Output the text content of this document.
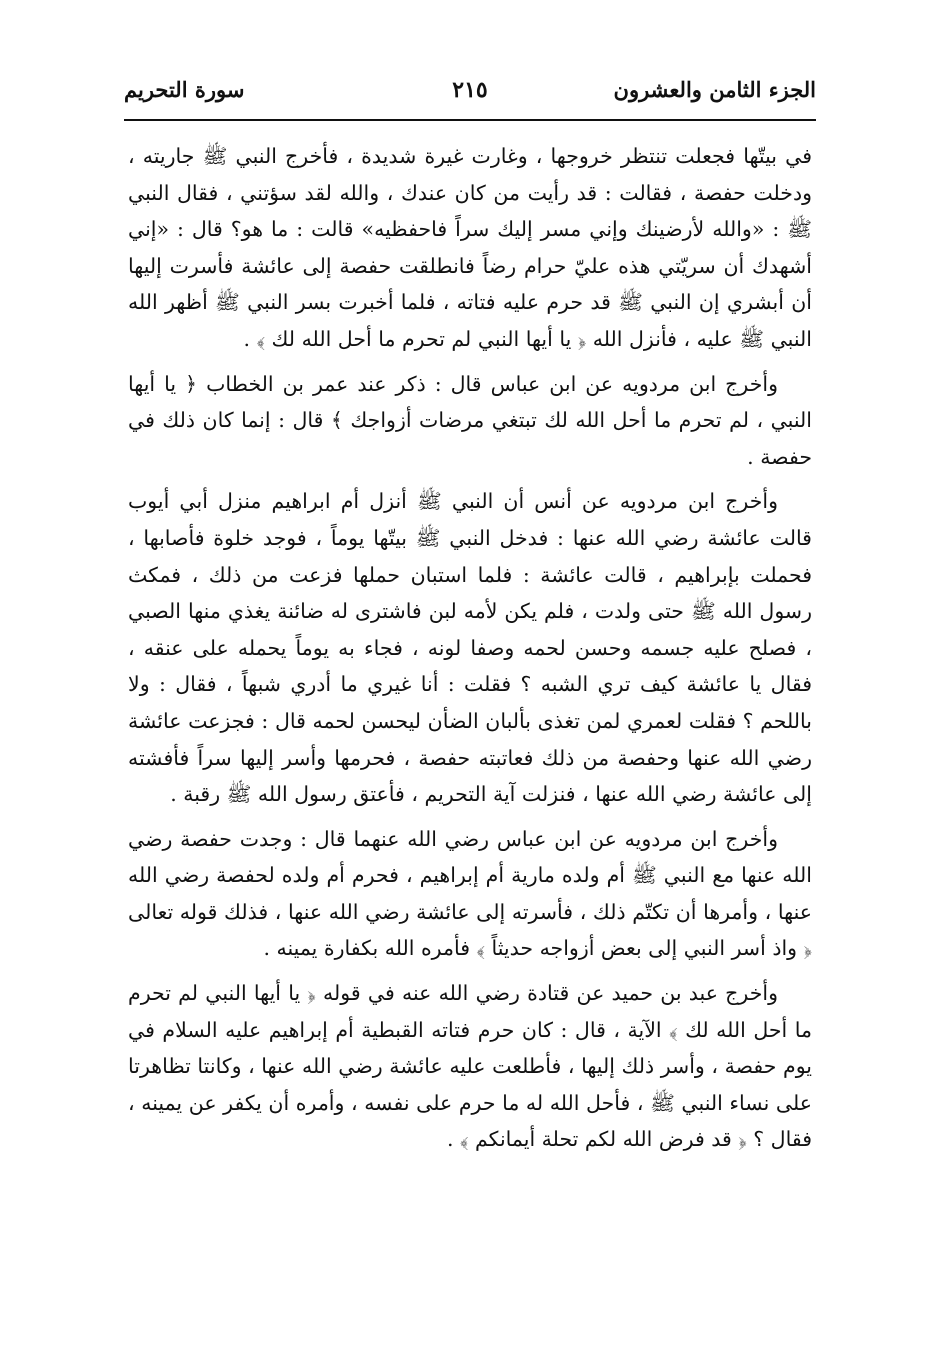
الجزء الثامن والعشرون
٢١٥
سورة التحريم

في بيتّها فجعلت تنتظر خروجها ، وغارت غيرة شديدة ، فأخرج النبي ﷺ جاريته ، ودخلت حفصة ، فقالت : قد رأيت من كان عندك ، والله لقد سؤتني ، فقال النبي ﷺ : «والله لأرضينك وإني مسر إليك سراً فاحفظيه» قالت : ما هو؟ قال : «إني أشهدك أن سريّتي هذه عليّ حرام رضاً فانطلقت حفصة إلى عائشة فأسرت إليها أن أبشري إن النبي ﷺ قد حرم عليه فتاته ، فلما أخبرت بسر النبي ﷺ أظهر الله النبي ﷺ عليه ، فأنزل الله ﴿ يا أيها النبي لم تحرم ما أحل الله لك ﴾ .

وأخرج ابن مردويه عن ابن عباس قال : ذكر عند عمر بن الخطاب ﴿ يا أيها النبي ، لم تحرم ما أحل الله لك تبتغي مرضات أزواجك ﴾ قال : إنما كان ذلك في حفصة .

وأخرج ابن مردويه عن أنس أن النبي ﷺ أنزل أم ابراهيم منزل أبي أيوب قالت عائشة رضي الله عنها : فدخل النبي ﷺ بيتّها يوماً ، فوجد خلوة فأصابها ، فحملت بإبراهيم ، قالت عائشة : فلما استبان حملها فزعت من ذلك ، فمكث رسول الله ﷺ حتى ولدت ، فلم يكن لأمه لبن فاشترى له ضائنة يغذي منها الصبي ، فصلح عليه جسمه وحسن لحمه وصفا لونه ، فجاء به يوماً يحمله على عنقه ، فقال يا عائشة كيف تري الشبه ؟ فقلت : أنا غيري ما أدري شبهاً ، فقال : ولا باللحم ؟ فقلت لعمري لمن تغذى بألبان الضأن ليحسن لحمه قال : فجزعت عائشة رضي الله عنها وحفصة من ذلك فعاتبته حفصة ، فحرمها وأسر إليها سراً فأفشته إلى عائشة رضي الله عنها ، فنزلت آية التحريم ، فأعتق رسول الله ﷺ رقبة .

وأخرج ابن مردويه عن ابن عباس رضي الله عنهما قال : وجدت حفصة رضي الله عنها مع النبي ﷺ أم ولده مارية أم إبراهيم ، فحرم أم ولده لحفصة رضي الله عنها ، وأمرها أن تكتّم ذلك ، فأسرته إلى عائشة رضي الله عنها ، فذلك قوله تعالى ﴿ واذ أسر النبي إلى بعض أزواجه حديثاً ﴾ فأمره الله بكفارة يمينه .

وأخرج عبد بن حميد عن قتادة رضي الله عنه في قوله ﴿ يا أيها النبي لم تحرم ما أحل الله لك ﴾ الآية ، قال : كان حرم فتاته القبطية أم إبراهيم عليه السلام في يوم حفصة ، وأسر ذلك إليها ، فأطلعت عليه عائشة رضي الله عنها ، وكانتا تظاهرتا على نساء النبي ﷺ ، فأحل الله له ما حرم على نفسه ، وأمره أن يكفر عن يمينه ، فقال ؟ ﴿ قد فرض الله لكم تحلة أيمانكم ﴾ .
